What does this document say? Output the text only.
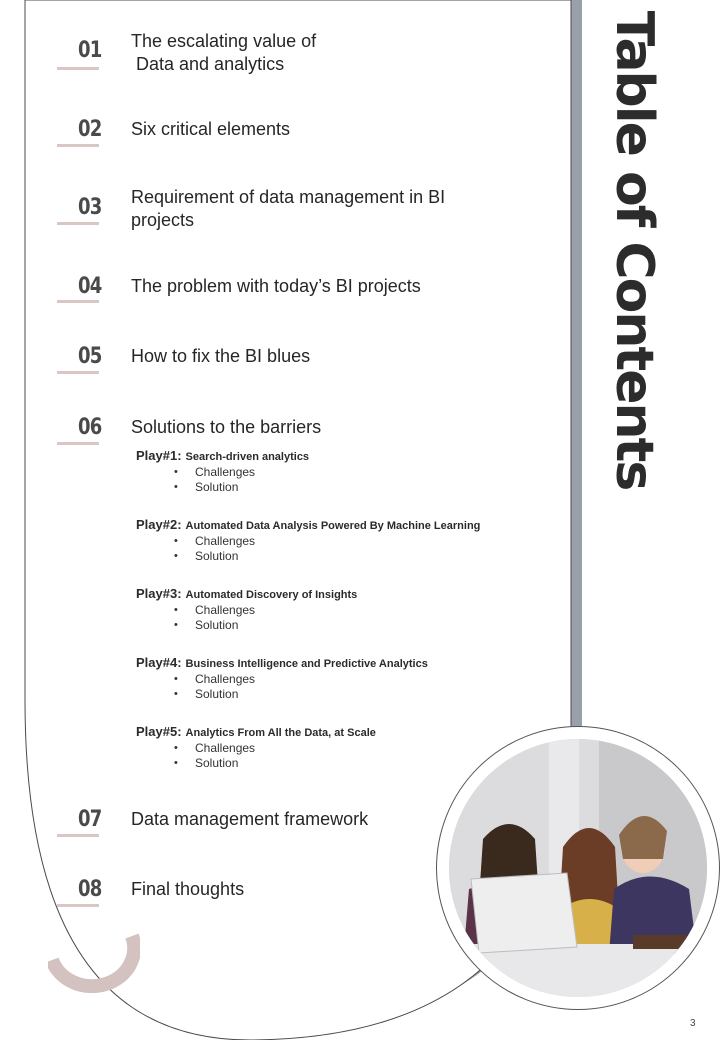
Table of Contents
01 The escalating value of
Data and analytics
02 Six critical elements
03 Requirement of data management in BI
projects
04 The problem with today’s BI projects
05 How to fix the BI blues
06 Solutions to the barriers
Play#1: Search-driven analytics
• Challenges
• Solution
Play#2: Automated Data Analysis Powered By Machine Learning
• Challenges
• Solution
Play#3: Automated Discovery of Insights
• Challenges
• Solution
Play#4: Business Intelligence and Predictive Analytics
• Challenges
• Solution
Play#5: Analytics From All the Data, at Scale
• Challenges
• Solution
07 Data management framework
08 Final thoughts
3
